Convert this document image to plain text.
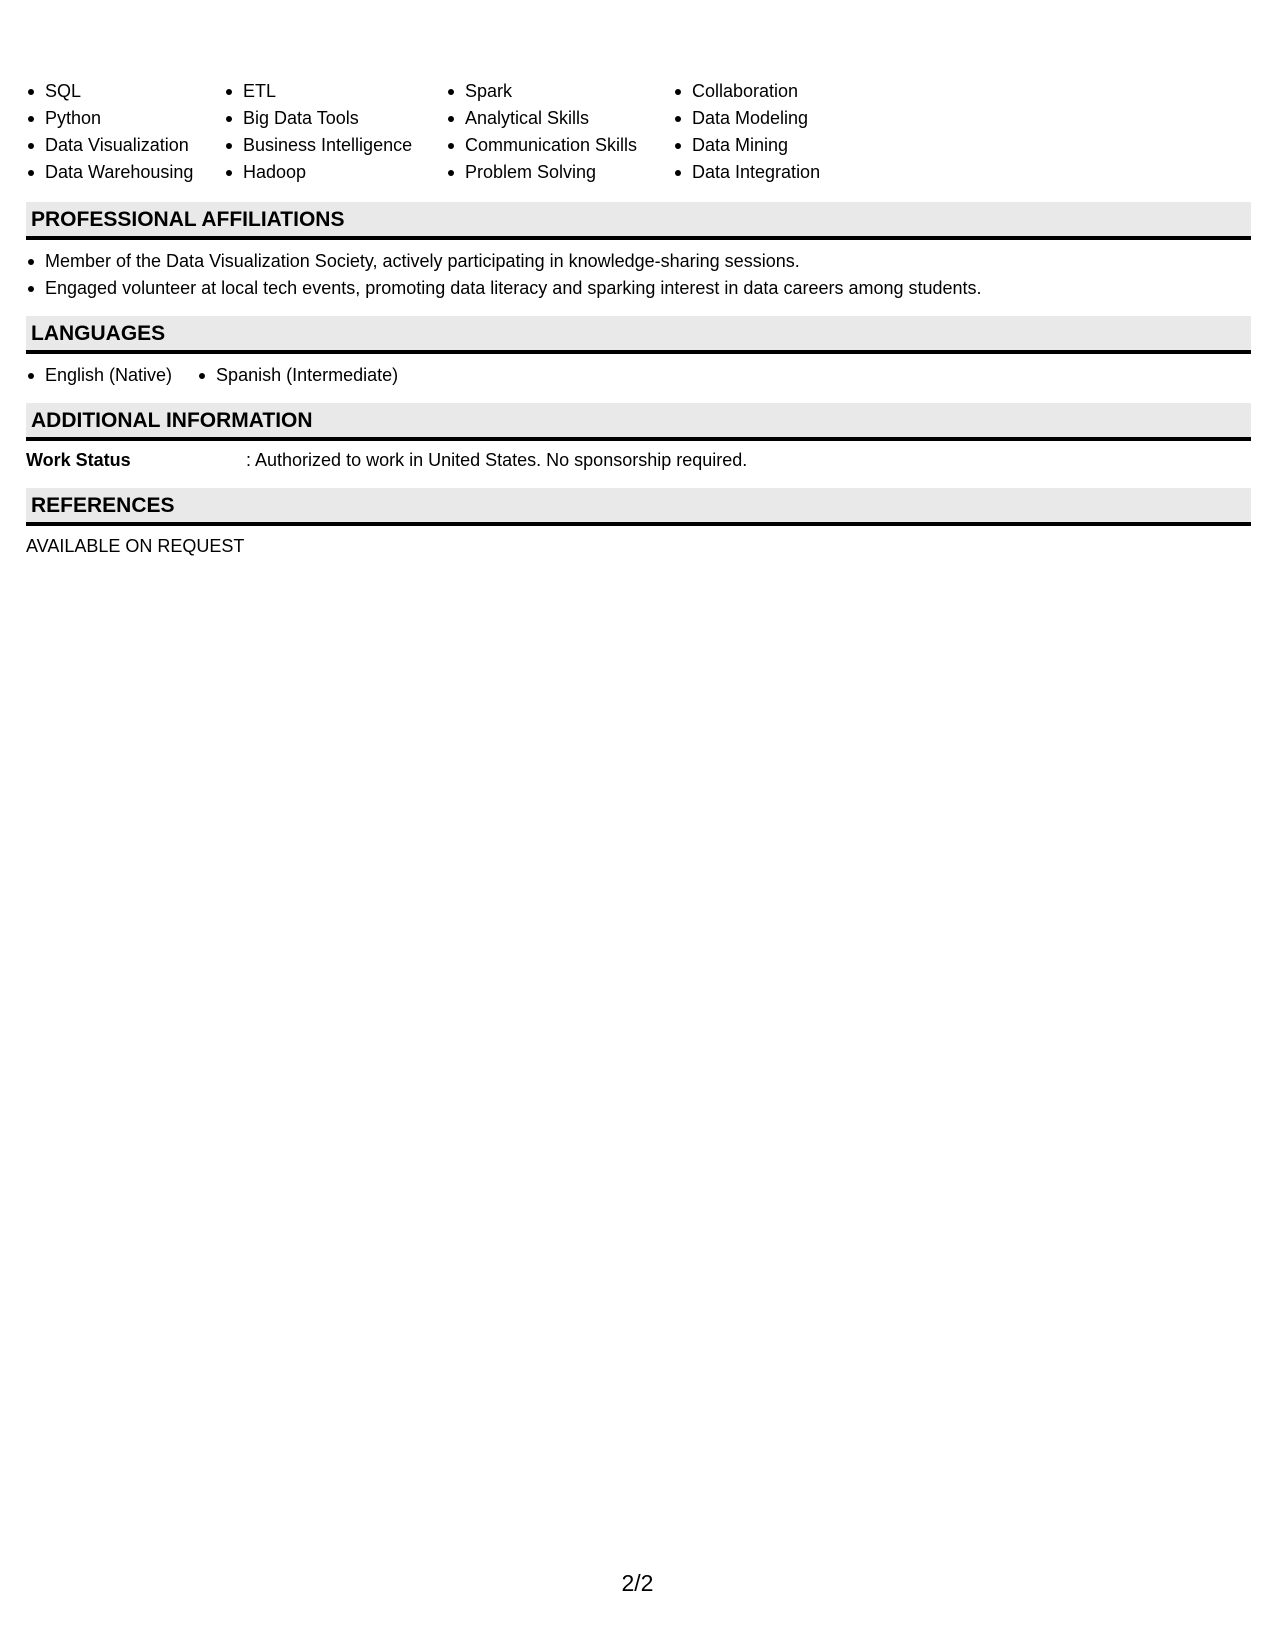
SQL
Python
Data Visualization
Data Warehousing
ETL
Big Data Tools
Business Intelligence
Hadoop
Spark
Analytical Skills
Communication Skills
Problem Solving
Collaboration
Data Modeling
Data Mining
Data Integration
PROFESSIONAL AFFILIATIONS
Member of the Data Visualization Society, actively participating in knowledge-sharing sessions.
Engaged volunteer at local tech events, promoting data literacy and sparking interest in data careers among students.
LANGUAGES
English (Native)	Spanish (Intermediate)
ADDITIONAL INFORMATION
Work Status	: Authorized to work in United States. No sponsorship required.
REFERENCES
AVAILABLE ON REQUEST
2/2
